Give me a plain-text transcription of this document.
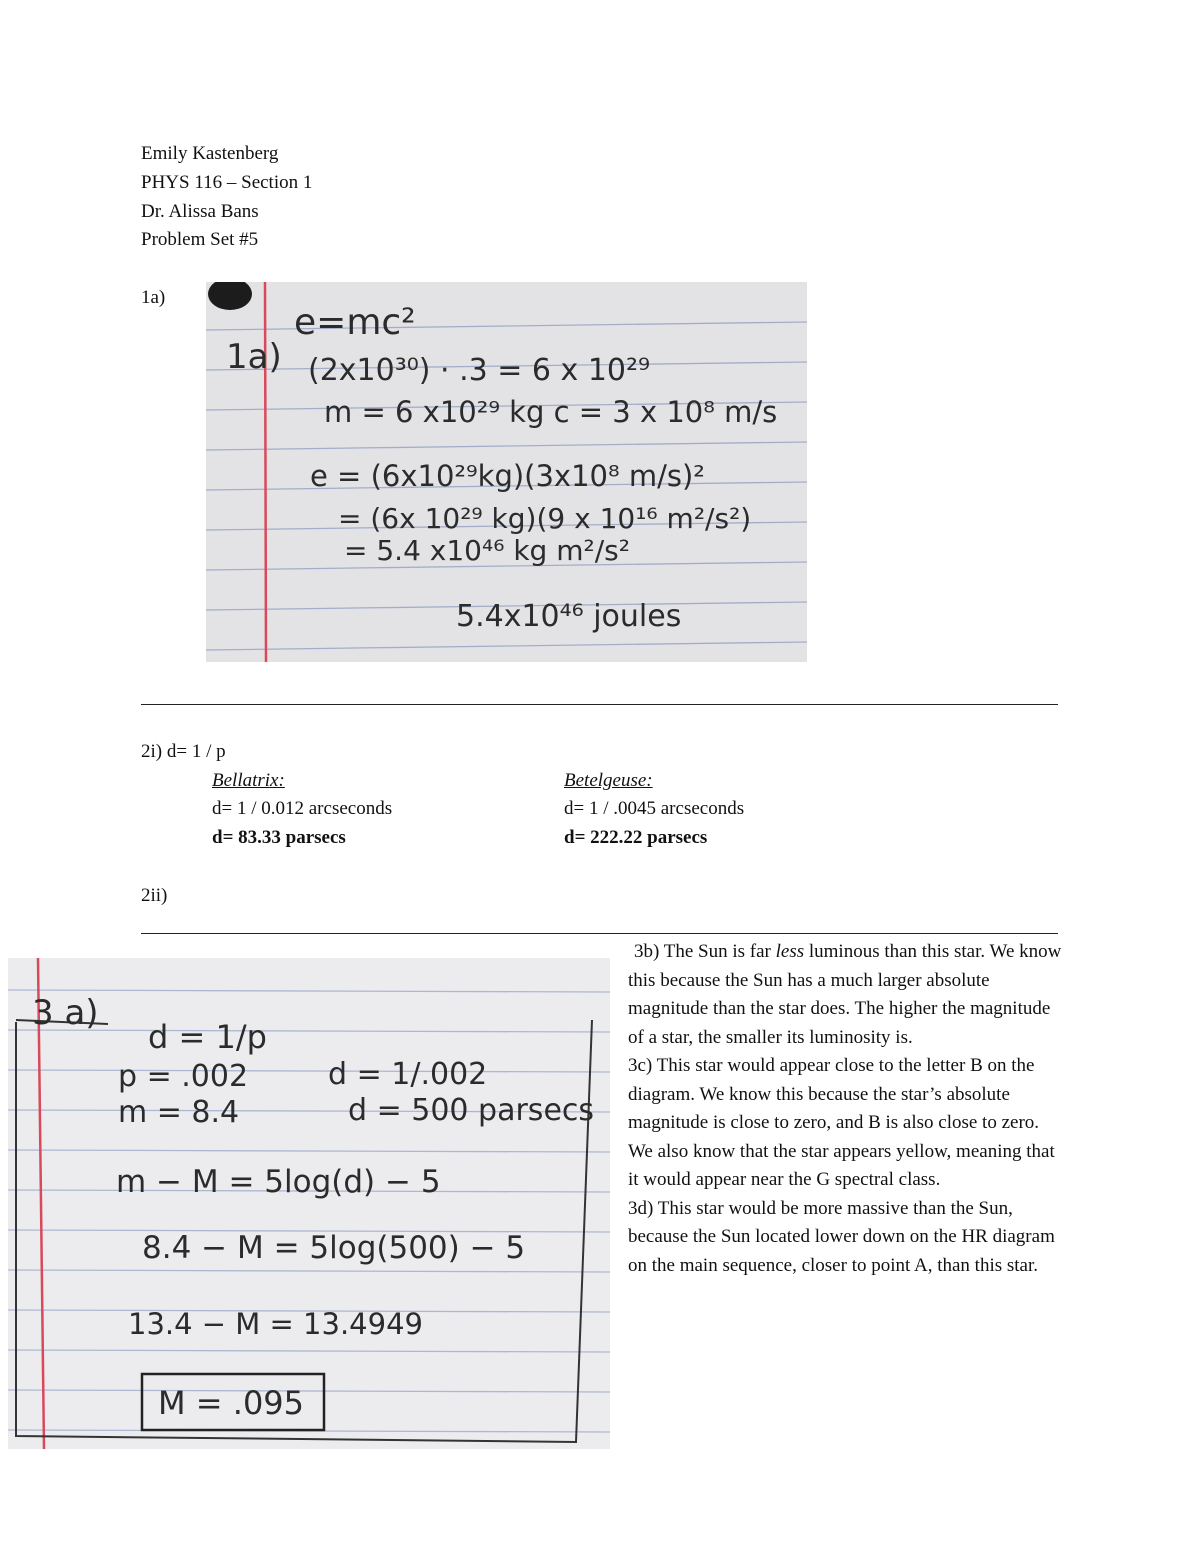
Emily Kastenberg
PHYS 116 – Section 1
Dr. Alissa Bans
Problem Set #5
1a)
e=mc²
1a) (2x10³⁰) · .3 = 6 x 10²⁹
m = 6 x10²⁹ kg c = 3 x 10⁸ m/s
e = (6x10²⁹kg)(3x10⁸ m/s)²
= (6x 10²⁹ kg)(9 x 10¹⁶ m²/s²)
= 5.4 x10⁴⁶ kg m²/s²
5.4x10⁴⁶ joules
2i) d= 1 / p
Bellatrix:
d= 1 / 0.012 arcseconds
d= 83.33 parsecs
Betelgeuse:
d= 1 / .0045 arcseconds
d= 222.22 parsecs
2ii)
3 a)
d = 1/p
p = .002	d = 1/.002
m = 8.4	d = 500 parsecs
m − M = 5log(d) − 5
8.4 − M = 5log(500) − 5
13.4 − M = 13.4949
M = .095

3b) The Sun is far less luminous than this star. We know this because the Sun has a much larger absolute magnitude than the star does. The higher the magnitude of a star, the smaller its luminosity is.

3c) This star would appear close to the letter B on the diagram. We know this because the star’s absolute magnitude is close to zero, and B is also close to zero. We also know that the star appears yellow, meaning that it would appear near the G spectral class.

3d) This star would be more massive than the Sun, because the Sun located lower down on the HR diagram on the main sequence, closer to point A, than this star.
